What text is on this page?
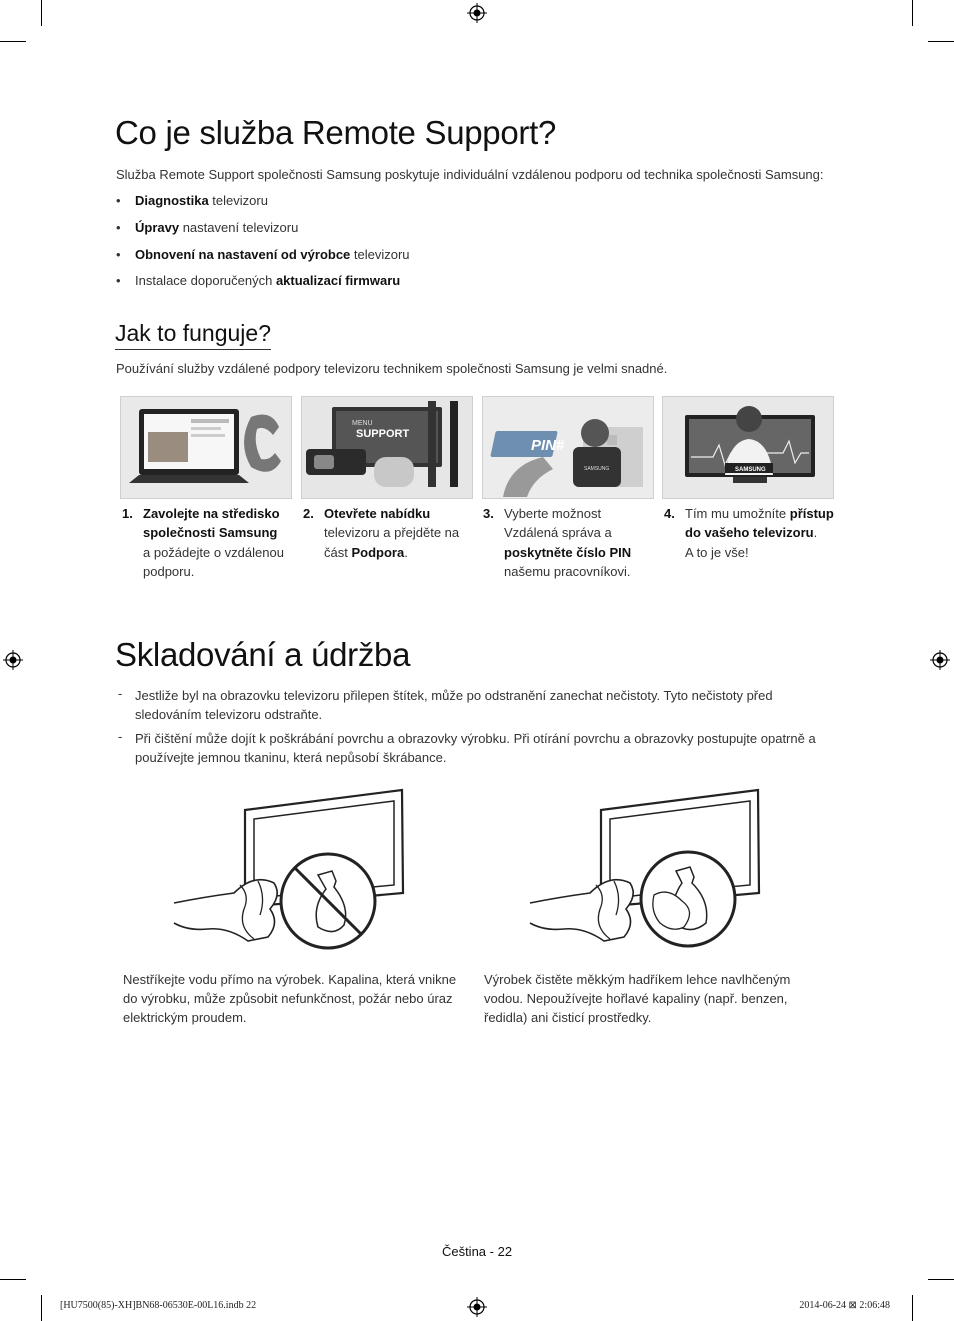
Co je služba Remote Support?

Služba Remote Support společnosti Samsung poskytuje individuální vzdálenou podporu od technika společnosti Samsung:

• Diagnostika televizoru
• Úpravy nastavení televizoru
• Obnovení na nastavení od výrobce televizoru
• Instalace doporučených aktualizací firmwaru
Jak to funguje?

Používání služby vzdálené podpory televizoru technikem společnosti Samsung je velmi snadné.

MENU
SUPPORT
SAMSUNG
PIN#
SAMSUNG
1. Zavolejte na středisko společnosti Samsung a požádejte o vzdálenou podporu.
2. Otevřete nabídku televizoru a přejděte na část Podpora.
3. Vyberte možnost Vzdálená správa a poskytněte číslo PIN našemu pracovníkovi.
4. Tím mu umožníte přístup do vašeho televizoru.
A to je vše!
Skladování a údržba
- Jestliže byl na obrazovku televizoru přilepen štítek, může po odstranění zanechat nečistoty. Tyto nečistoty před sledováním televizoru odstraňte.
- Při čištění může dojít k poškrábání povrchu a obrazovky výrobku. Při otírání povrchu a obrazovky postupujte opatrně a používejte jemnou tkaninu, která nepůsobí škrábance.
Nestříkejte vodu přímo na výrobek. Kapalina, která vnikne do výrobku, může způsobit nefunkčnost, požár nebo úraz elektrickým proudem.
Výrobek čistěte měkkým hadříkem lehce navlhčeným vodou. Nepoužívejte hořlavé kapaliny (např. benzen, ředidla) ani čisticí prostředky.
Čeština - 22
[HU7500(85)-XH]BN68-06530E-00L16.indb 22	2014-06-24 ⊠ 2:06:48
